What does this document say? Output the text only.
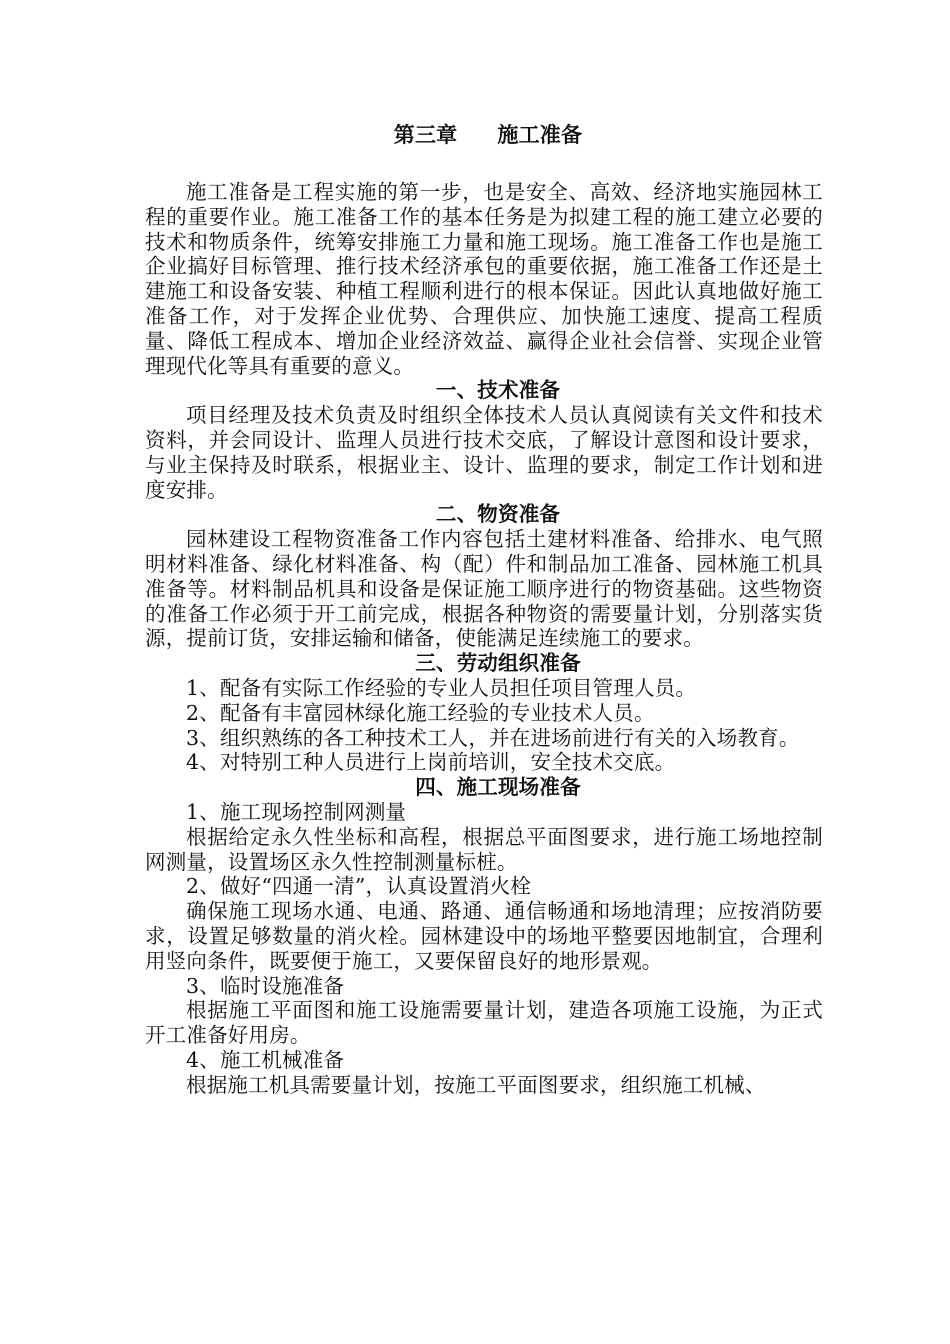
第三章 施工准备

施工准备是工程实施的第一步，也是安全、高效、经济地实施园林工程的重要作业。施工准备工作的基本任务是为拟建工程的施工建立必要的技术和物质条件，统筹安排施工力量和施工现场。施工准备工作也是施工企业搞好目标管理、推行技术经济承包的重要依据，施工准备工作还是土建施工和设备安装、种植工程顺利进行的根本保证。因此认真地做好施工准备工作，对于发挥企业优势、合理供应、加快施工速度、提高工程质量、降低工程成本、增加企业经济效益、赢得企业社会信誉、实现企业管理现代化等具有重要的意义。

一、技术准备

项目经理及技术负责及时组织全体技术人员认真阅读有关文件和技术资料，并会同设计、监理人员进行技术交底，了解设计意图和设计要求，与业主保持及时联系，根据业主、设计、监理的要求，制定工作计划和进度安排。

二、物资准备

园林建设工程物资准备工作内容包括土建材料准备、给排水、电气照明材料准备、绿化材料准备、构（配）件和制品加工准备、园林施工机具准备等。材料制品机具和设备是保证施工顺序进行的物资基础。这些物资的准备工作必须于开工前完成，根据各种物资的需要量计划，分别落实货源，提前订货，安排运输和储备，使能满足连续施工的要求。

三、劳动组织准备

1、配备有实际工作经验的专业人员担任项目管理人员。

2、配备有丰富园林绿化施工经验的专业技术人员。

3、组织熟练的各工种技术工人，并在进场前进行有关的入场教育。

4、对特别工种人员进行上岗前培训，安全技术交底。

四、施工现场准备

1、施工现场控制网测量

根据给定永久性坐标和高程，根据总平面图要求，进行施工场地控制网测量，设置场区永久性控制测量标桩。

2、做好“四通一清”，认真设置消火栓

确保施工现场水通、电通、路通、通信畅通和场地清理；应按消防要求，设置足够数量的消火栓。园林建设中的场地平整要因地制宜，合理利用竖向条件，既要便于施工，又要保留良好的地形景观。

3、临时设施准备

根据施工平面图和施工设施需要量计划，建造各项施工设施，为正式开工准备好用房。

4、施工机械准备

根据施工机具需要量计划，按施工平面图要求，组织施工机械、
